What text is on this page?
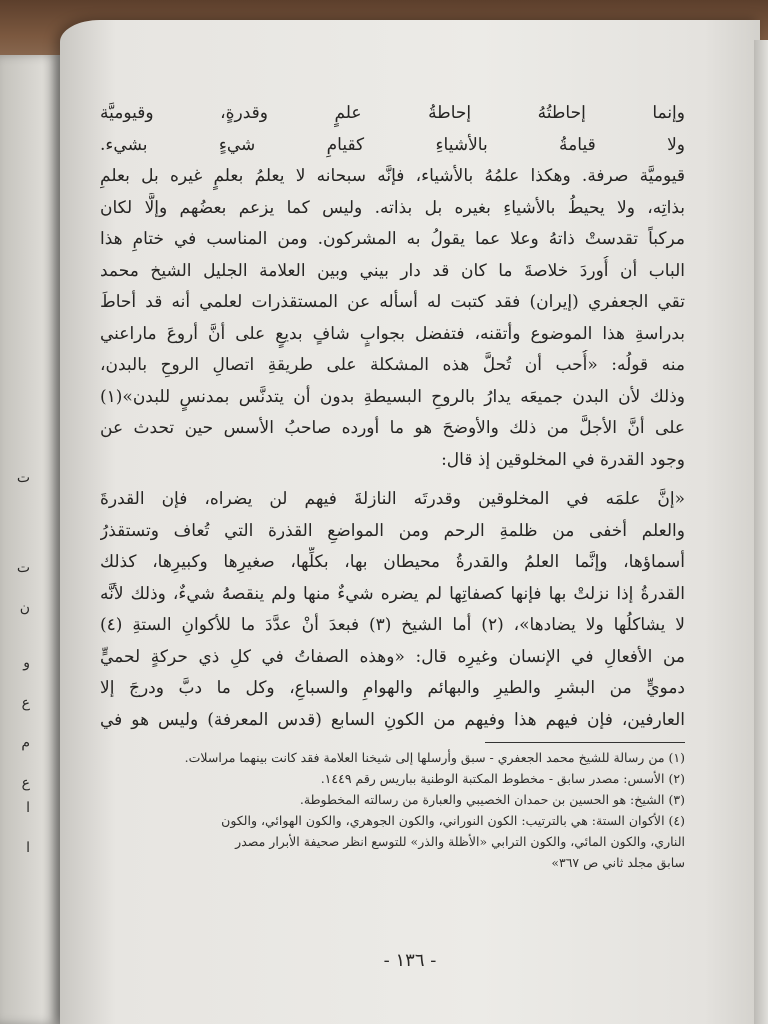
ت
ت
ن
و
ع
م
ع
ا
ا
وإنما إحاطتُهُ إحاطةُ علمٍ وقدرةٍ، وقيوميَّة
ولا قيامةُ بالأشياءِ كقيامِ شيءٍ بشيء.
قيوميَّة صرفة. وهكذا علمُهُ بالأشياء، فإنَّه سبحانه لا يعلمُ بعلمٍ غيره بل بعلمِ
بذاتِه، ولا يحيطُ بالأشياءِ بغيره بل بذاته. وليس كما يزعم بعضُهم وإلَّا لكان
مركباً تقدستْ ذاتهُ وعلا عما يقولُ به المشركون. ومن المناسب في ختامِ هذا
الباب أن أُوردَ خلاصةَ ما كان قد دار بيني وبين العلامة الجليل الشيخ محمد
تقي الجعفري (إيران) فقد كتبت له أسأله عن المستقذرات لعلمي أنه قد أحاطَ
بدراسةِ هذا الموضوع وأتقنه، فتفضل بجوابٍ شافٍ بديعٍ على أنَّ أروعَ ماراعني
منه قولُه: «أُحب أن تُحلَّ هذه المشكلة على طريقةِ اتصالِ الروحِ بالبدن،
وذلك لأن البدن جميعَه يدارُ بالروحِ البسيطةِ بدون أن يتدنَّس بمدنسٍ للبدن»(١)
على أنَّ الأجلَّ من ذلك والأوضحَ هو ما أورده صاحبُ الأسس حين تحدث عن
وجود القدرة في المخلوقين إذ قال:
«إنَّ علمَه في المخلوقين وقدرتَه النازلةَ فيهم لن يضراه، فإن القدرةَ
والعلم أخفى من ظلمةِ الرحم ومن المواضعِ القذرة التي تُعاف وتستقذرُ
أسماؤها، وإنَّما العلمُ والقدرةُ محيطان بها، بكلِّها، صغيرِها وكبيرِها، كذلك
القدرةُ إذا نزلتْ بها فإنها كصفاتِها لم يضره شيءٌ منها ولم ينقصهُ شيءٌ، وذلك لأنَّه
لا يشاكلُها ولا يضادها»، (٢) أما الشيخ (٣) فبعدَ أنْ عدَّدَ ما للأكوانِ الستةِ (٤)
من الأفعالِ في الإنسان وغيرِه قال: «وهذه الصفاتُ في كلِ ذي حركةٍ لحميٍّ
دمويٍّ من البشرِ والطيرِ والبهائم والهوامِ والسباعِ، وكل ما دبَّ ودرجَ إلا
العارفين، فإن فيهم هذا وفيهم من الكونِ السابع (قدس المعرفة) وليس هو في
(١) من رسالة للشيخ محمد الجعفري - سبق وأرسلها إلى شيخنا العلامة فقد كانت بينهما مراسلات.
(٢) الأسس: مصدر سابق - مخطوط المكتبة الوطنية بباريس رقم ١٤٤٩.
(٣) الشيخ: هو الحسين بن حمدان الخصيبي والعبارة من رسالته المخطوطة.
(٤) الأكوان الستة: هي بالترتيب: الكون النوراني، والكون الجوهري، والكون الهوائي، والكون
الناري، والكون المائي، والكون الترابي «الأظلة والذر» للتوسع انظر صحيفة الأبرار مصدر
سابق مجلد ثاني ص ٣٦٧»
- ١٣٦ -
